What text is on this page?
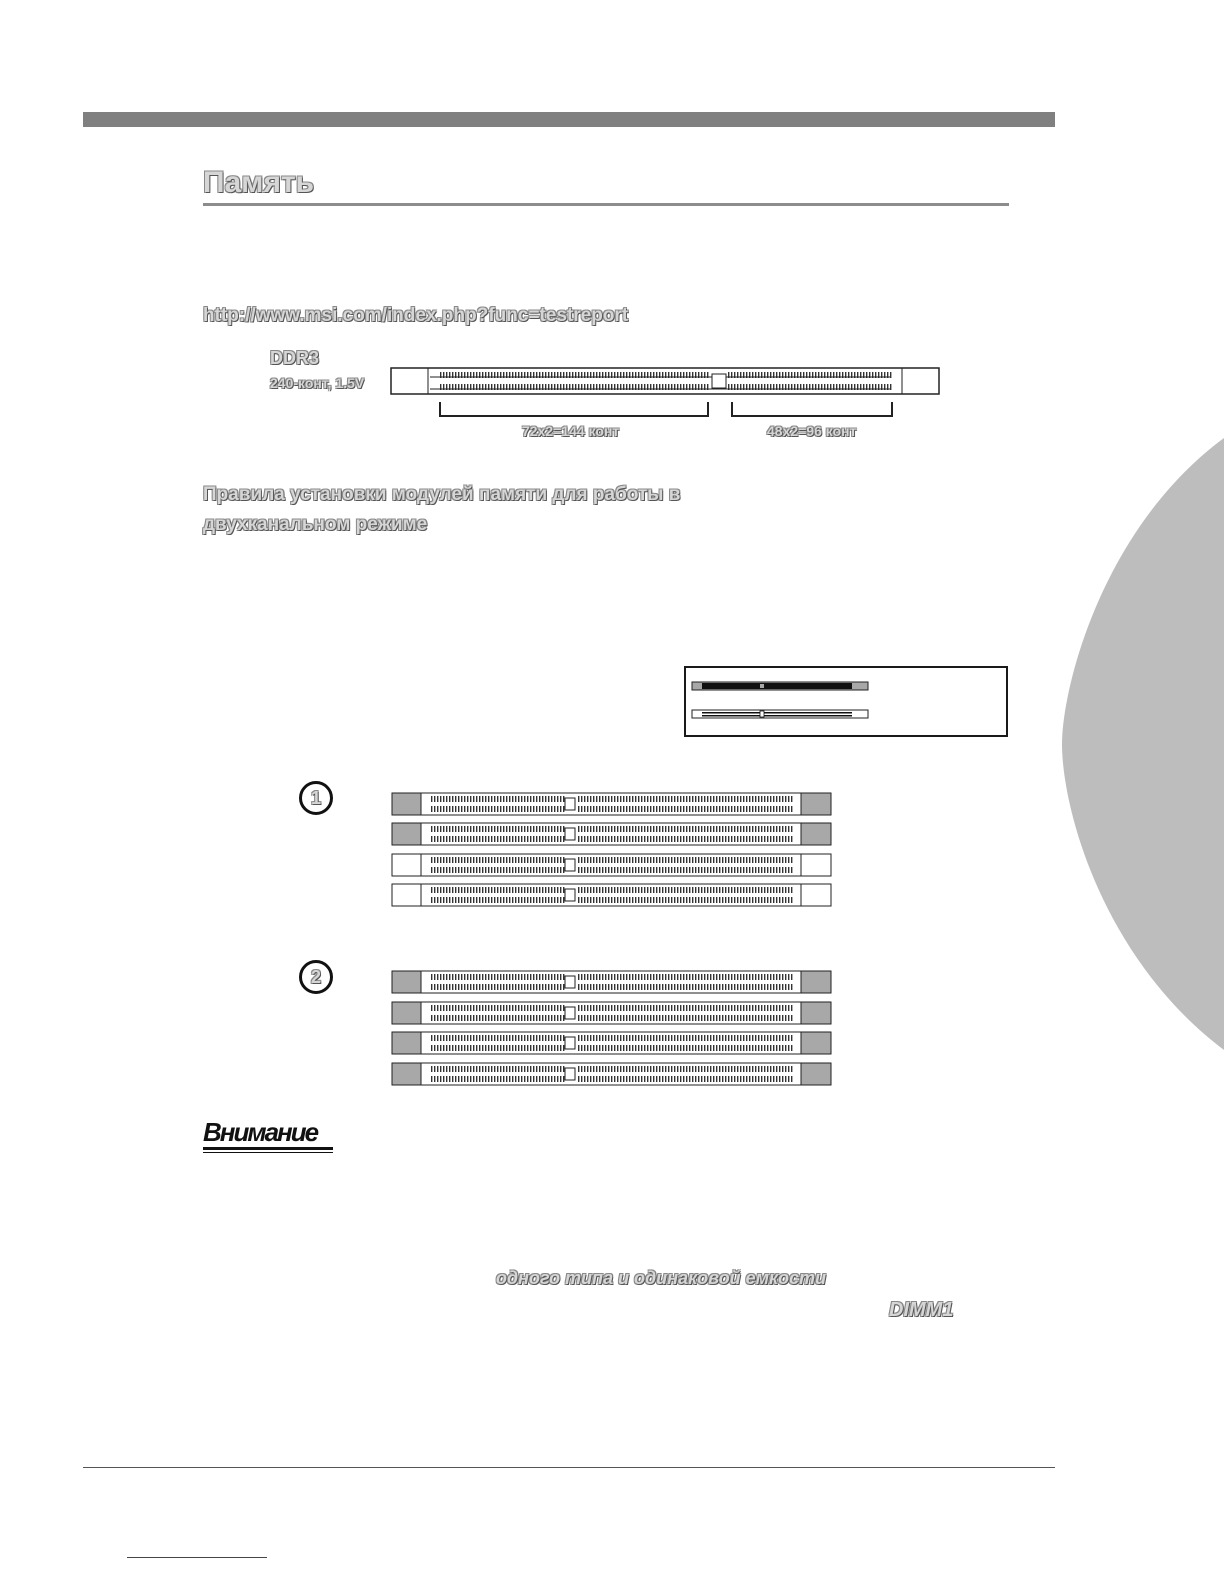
Память
http://www.msi.com/index.php?func=testreport
DDR3
240-конт, 1.5V
72x2=144 конт	48x2=96 конт
Правила установки модулей памяти для работы в двухканальном режиме
1
2
Внимание
одного типа и одинаковой емкости
DIMM1
